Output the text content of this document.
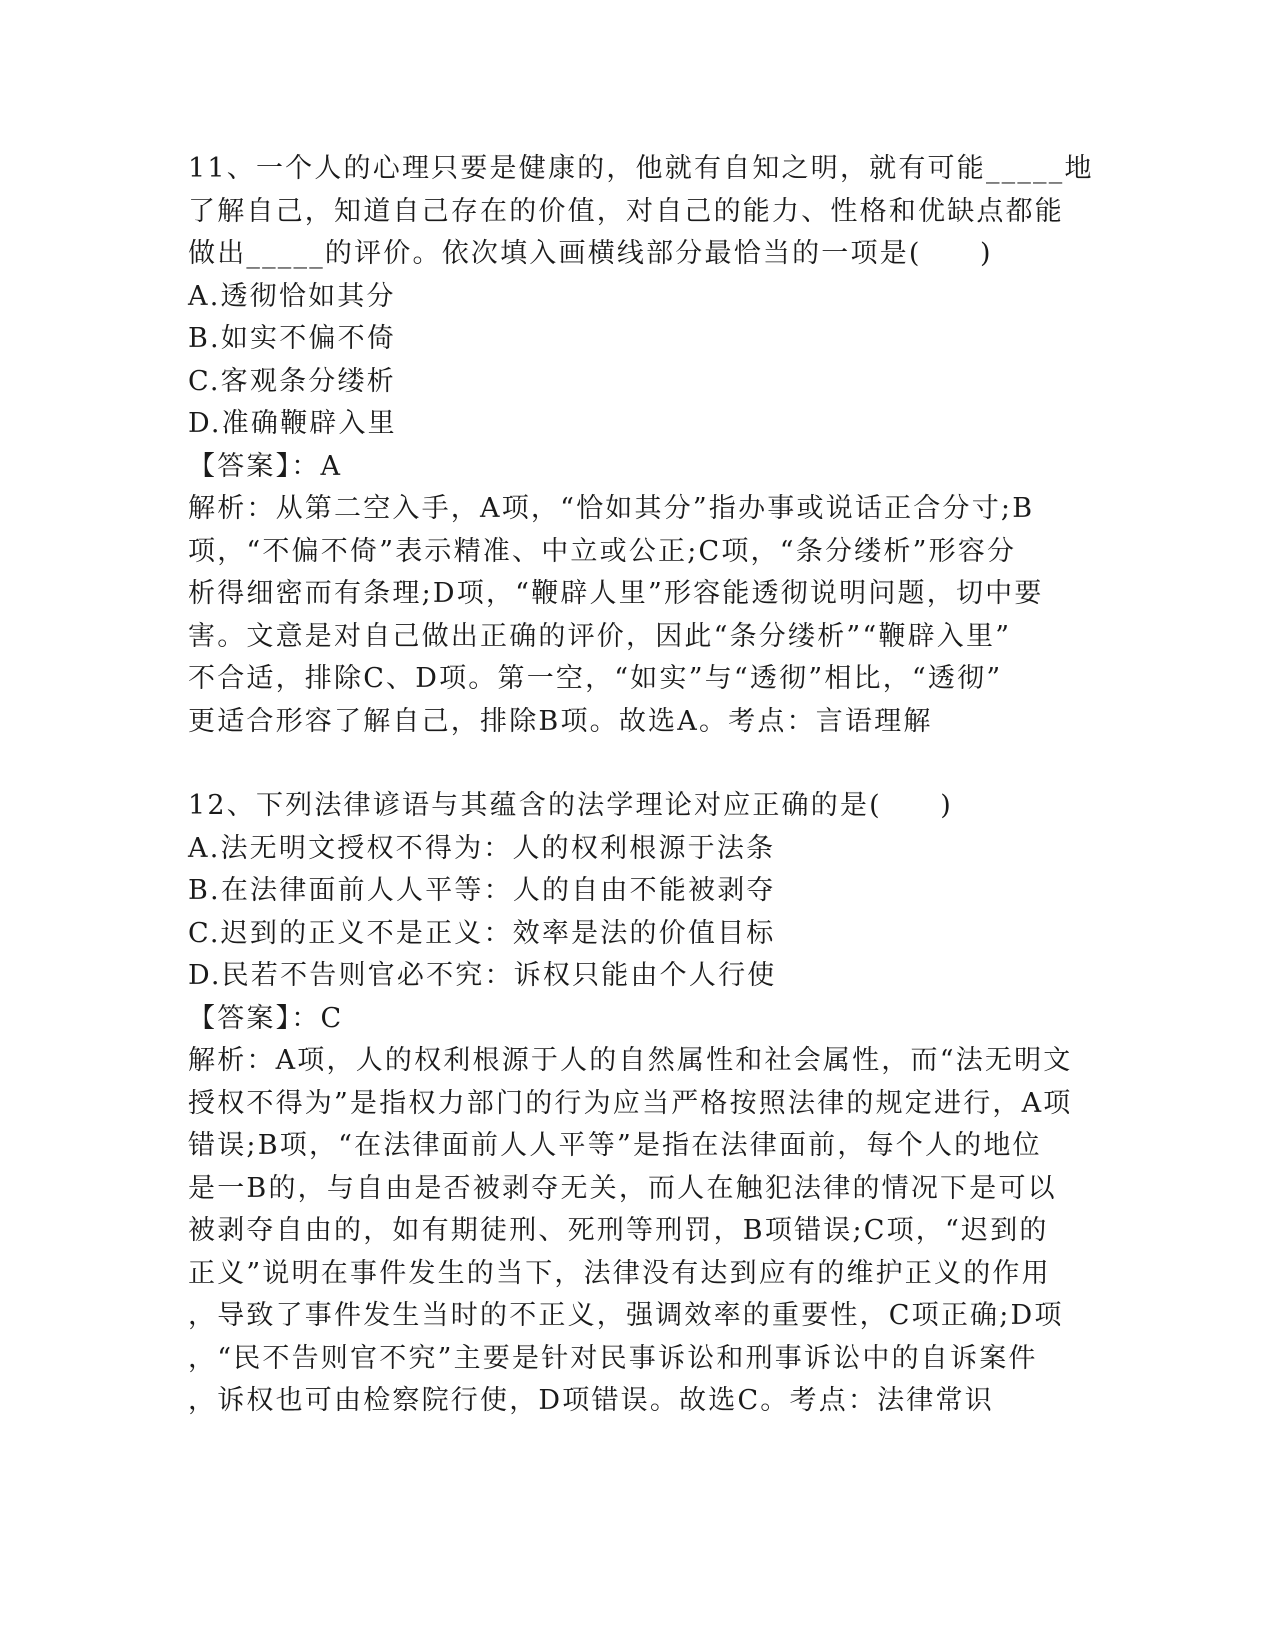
11、一个人的心理只要是健康的，他就有自知之明，就有可能_____地
了解自己，知道自己存在的价值，对自己的能力、性格和优缺点都能
做出_____的评价。依次填入画横线部分最恰当的一项是(　　)
A.透彻恰如其分
B.如实不偏不倚
C.客观条分缕析
D.准确鞭辟入里
【答案】：A
解析：从第二空入手，A项，“恰如其分”指办事或说话正合分寸;B
项，“不偏不倚”表示精准、中立或公正;C项，“条分缕析”形容分
析得细密而有条理;D项，“鞭辟人里”形容能透彻说明问题，切中要
害。文意是对自己做出正确的评价，因此“条分缕析”“鞭辟入里”
不合适，排除C、D项。第一空，“如实”与“透彻”相比，“透彻”
更适合形容了解自己，排除B项。故选A。考点：言语理解
12、下列法律谚语与其蕴含的法学理论对应正确的是(　　)
A.法无明文授权不得为：人的权利根源于法条
B.在法律面前人人平等：人的自由不能被剥夺
C.迟到的正义不是正义：效率是法的价值目标
D.民若不告则官必不究：诉权只能由个人行使
【答案】：C
解析：A项，人的权利根源于人的自然属性和社会属性，而“法无明文
授权不得为”是指权力部门的行为应当严格按照法律的规定进行，A项
错误;B项，“在法律面前人人平等”是指在法律面前，每个人的地位
是一B的，与自由是否被剥夺无关，而人在触犯法律的情况下是可以
被剥夺自由的，如有期徒刑、死刑等刑罚，B项错误;C项，“迟到的
正义”说明在事件发生的当下，法律没有达到应有的维护正义的作用
，导致了事件发生当时的不正义，强调效率的重要性，C项正确;D项
，“民不告则官不究”主要是针对民事诉讼和刑事诉讼中的自诉案件
，诉权也可由检察院行使，D项错误。故选C。考点：法律常识
